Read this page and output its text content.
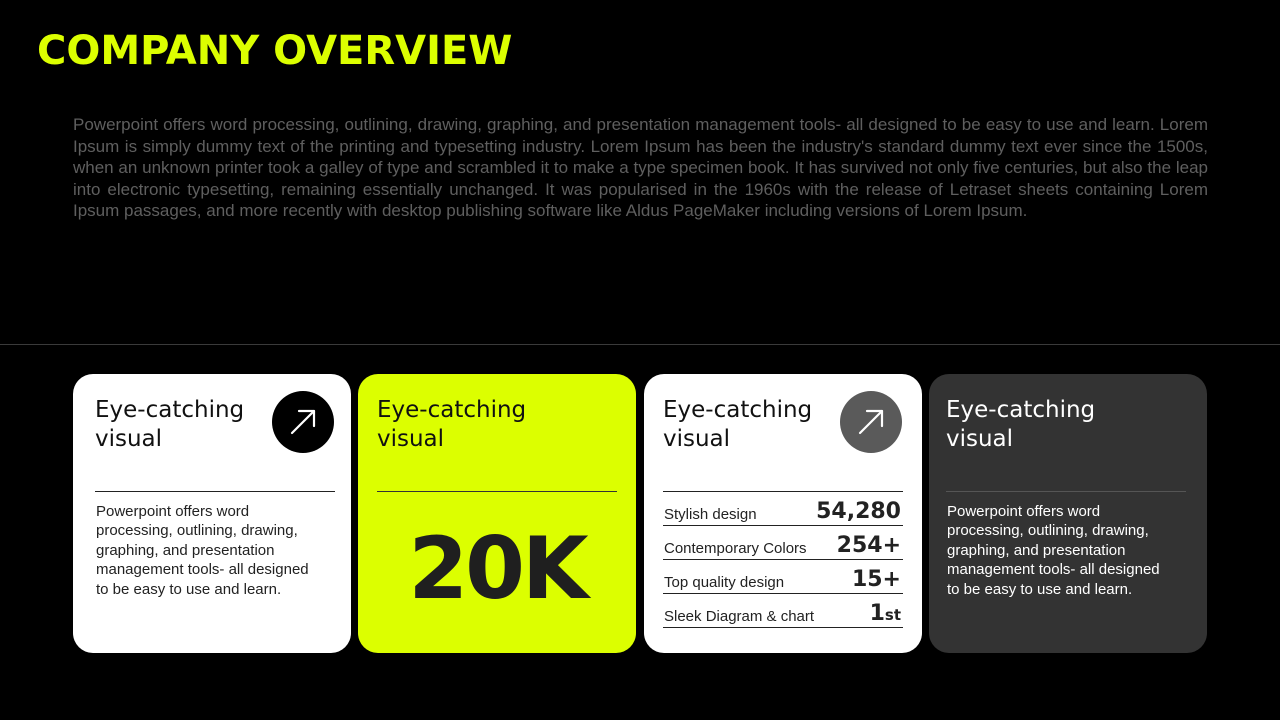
COMPANY OVERVIEW

Powerpoint offers word processing, outlining, drawing, graphing, and presentation management tools- all designed to be easy to use and learn. Lorem Ipsum is simply dummy text of the printing and typesetting industry. Lorem Ipsum has been the industry's standard dummy text ever since the 1500s, when an unknown printer took a galley of type and scrambled it to make a type specimen book. It has survived not only five centuries, but also the leap into electronic typesetting, remaining essentially unchanged. It was popularised in the 1960s with the release of Letraset sheets containing Lorem Ipsum passages, and more recently with desktop publishing software like Aldus PageMaker including versions of Lorem Ipsum.

Eye-catching visual

Powerpoint offers word processing, outlining, drawing, graphing, and presentation management tools- all designed to be easy to use and learn.

Eye-catching visual
20K
Eye-catching visual
Stylish design	54,280
Contemporary Colors 254+
Top quality design	15+
Sleek Diagram & chart	1st
Eye-catching visual

Powerpoint offers word processing, outlining, drawing, graphing, and presentation management tools- all designed to be easy to use and learn.
